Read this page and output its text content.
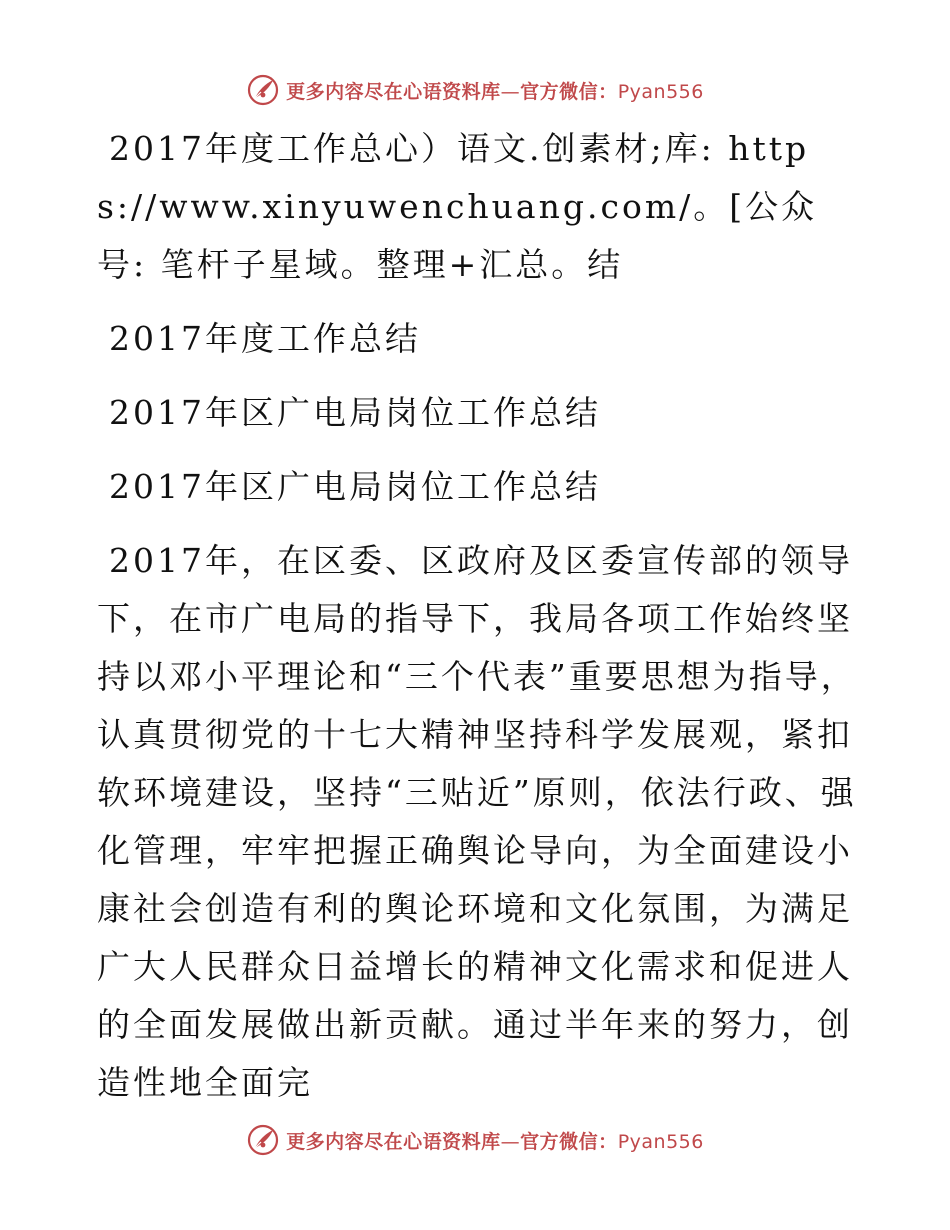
更多内容尽在心语资料库—官方微信：Pyan556

2017年度工作总心）语文.创素材;库: https://www.xinyuwenchuang.com/。[公众号: 笔杆子星域。整理+汇总。结

2017年度工作总结

2017年区广电局岗位工作总结

2017年区广电局岗位工作总结

2017年，在区委、区政府及区委宣传部的领导下，在市广电局的指导下，我局各项工作始终坚持以邓小平理论和“三个代表”重要思想为指导，认真贯彻党的十七大精神坚持科学发展观，紧扣软环境建设，坚持“三贴近”原则，依法行政、强化管理，牢牢把握正确舆论导向，为全面建设小康社会创造有利的舆论环境和文化氛围，为满足广大人民群众日益增长的精神文化需求和促进人的全面发展做出新贡献。通过半年来的努力，创造性地全面完

更多内容尽在心语资料库—官方微信：Pyan556
